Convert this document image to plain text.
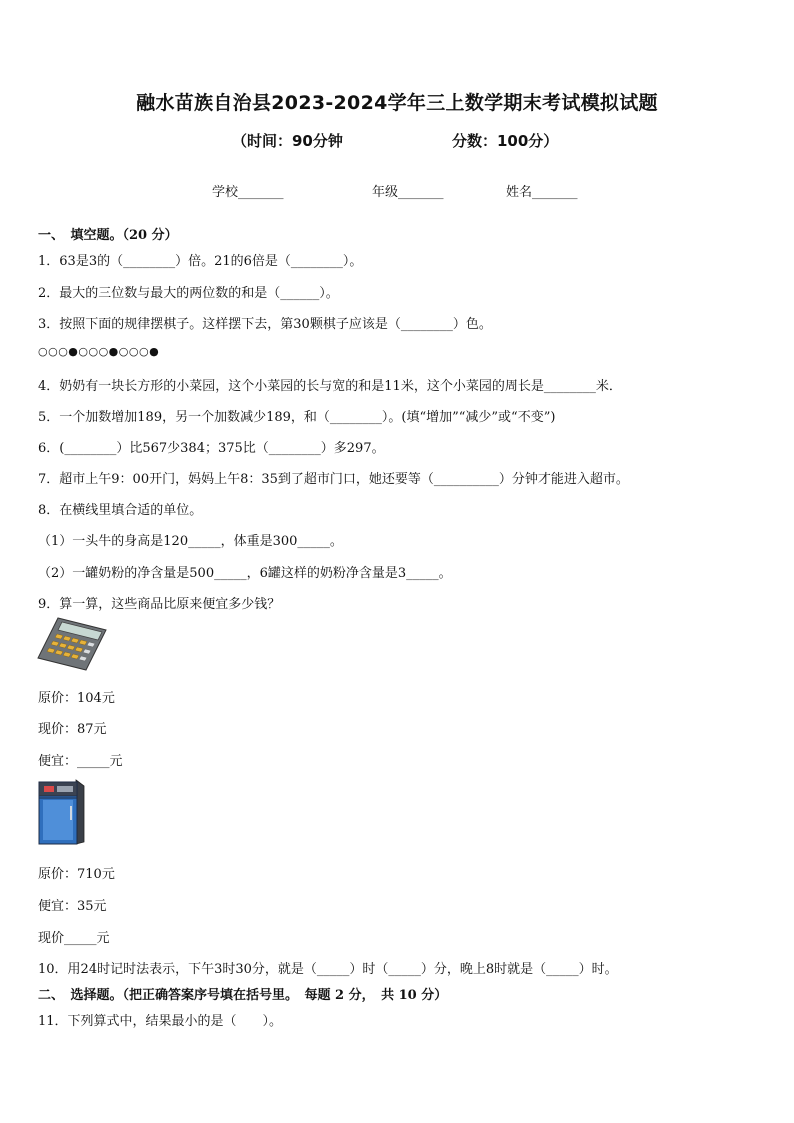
融水苗族自治县2023-2024学年三上数学期末考试模拟试题
（时间：90分钟	分数：100分）
学校_______	年级_______	姓名_______
一、　填空题。（20 分）
1．63是3的（________）倍。21的6倍是（________）。
2．最大的三位数与最大的两位数的和是（______）。
3．按照下面的规律摆棋子。这样摆下去，第30颗棋子应该是（________）色。
○○○●○○○●○○○●
4．奶奶有一块长方形的小菜园，这个小菜园的长与宽的和是11米，这个小菜园的周长是________米．
5．一个加数增加189，另一个加数减少189，和（________）。(填“增加”“减少”或“不变”)
6．(________）比567少384；375比（________）多297。
7．超市上午9：00开门，妈妈上午8：35到了超市门口，她还要等（__________）分钟才能进入超市。
8．在横线里填合适的单位。
（1）一头牛的身高是120_____，体重是300_____。
（2）一罐奶粉的净含量是500_____，6罐这样的奶粉净含量是3_____。
9．算一算，这些商品比原来便宜多少钱？
原价：104元
现价：87元
便宜：_____元
原价：710元
便宜：35元
现价_____元
10．用24时记时法表示，下午3时30分，就是（_____）时（_____）分，晚上8时就是（_____）时。
二、　选择题。（把正确答案序号填在括号里。　每题 2 分，　共 10 分）
11．下列算式中，结果最小的是（　　）。
